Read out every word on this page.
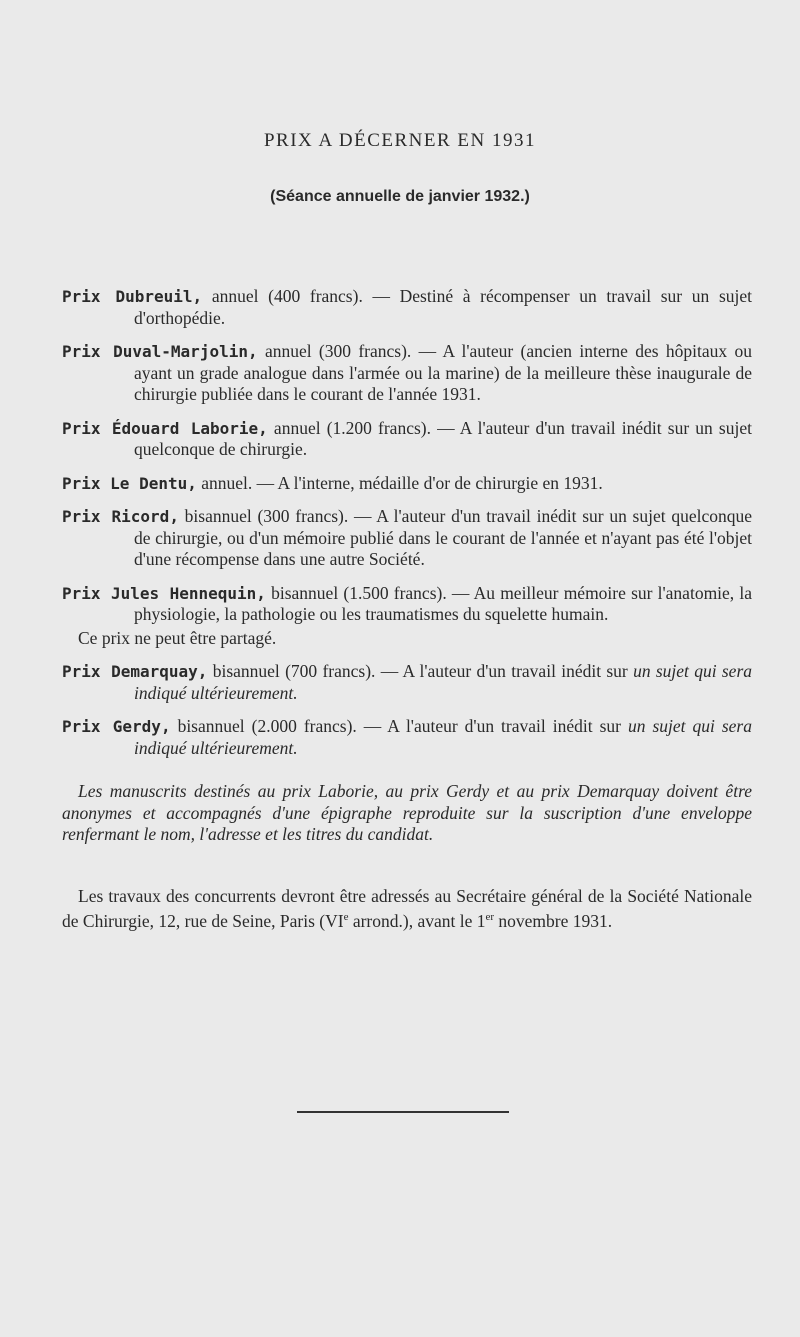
PRIX A DÉCERNER EN 1931
(Séance annuelle de janvier 1932.)

Prix Dubreuil, annuel (400 francs). — Destiné à récompenser un travail sur un sujet d'orthopédie.

Prix Duval-Marjolin, annuel (300 francs). — A l'auteur (ancien interne des hôpitaux ou ayant un grade analogue dans l'armée ou la marine) de la meilleure thèse inaugurale de chirurgie publiée dans le courant de l'année 1931.

Prix Édouard Laborie, annuel (1.200 francs). — A l'auteur d'un travail inédit sur un sujet quelconque de chirurgie.

Prix Le Dentu, annuel. — A l'interne, médaille d'or de chirurgie en 1931.

Prix Ricord, bisannuel (300 francs). — A l'auteur d'un travail inédit sur un sujet quelconque de chirurgie, ou d'un mémoire publié dans le courant de l'année et n'ayant pas été l'objet d'une récompense dans une autre Société.

Prix Jules Hennequin, bisannuel (1.500 francs). — Au meilleur mémoire sur l'anatomie, la physiologie, la pathologie ou les traumatismes du squelette humain.

Ce prix ne peut être partagé.

Prix Demarquay, bisannuel (700 francs). — A l'auteur d'un travail inédit sur un sujet qui sera indiqué ultérieurement.

Prix Gerdy, bisannuel (2.000 francs). — A l'auteur d'un travail inédit sur un sujet qui sera indiqué ultérieurement.

Les manuscrits destinés au prix Laborie, au prix Gerdy et au prix Demarquay doivent être anonymes et accompagnés d'une épigraphe reproduite sur la suscription d'une enveloppe renfermant le nom, l'adresse et les titres du candidat.

Les travaux des concurrents devront être adressés au Secrétaire général de la Société Nationale de Chirurgie, 12, rue de Seine, Paris (VIe arrond.), avant le 1er novembre 1931.
